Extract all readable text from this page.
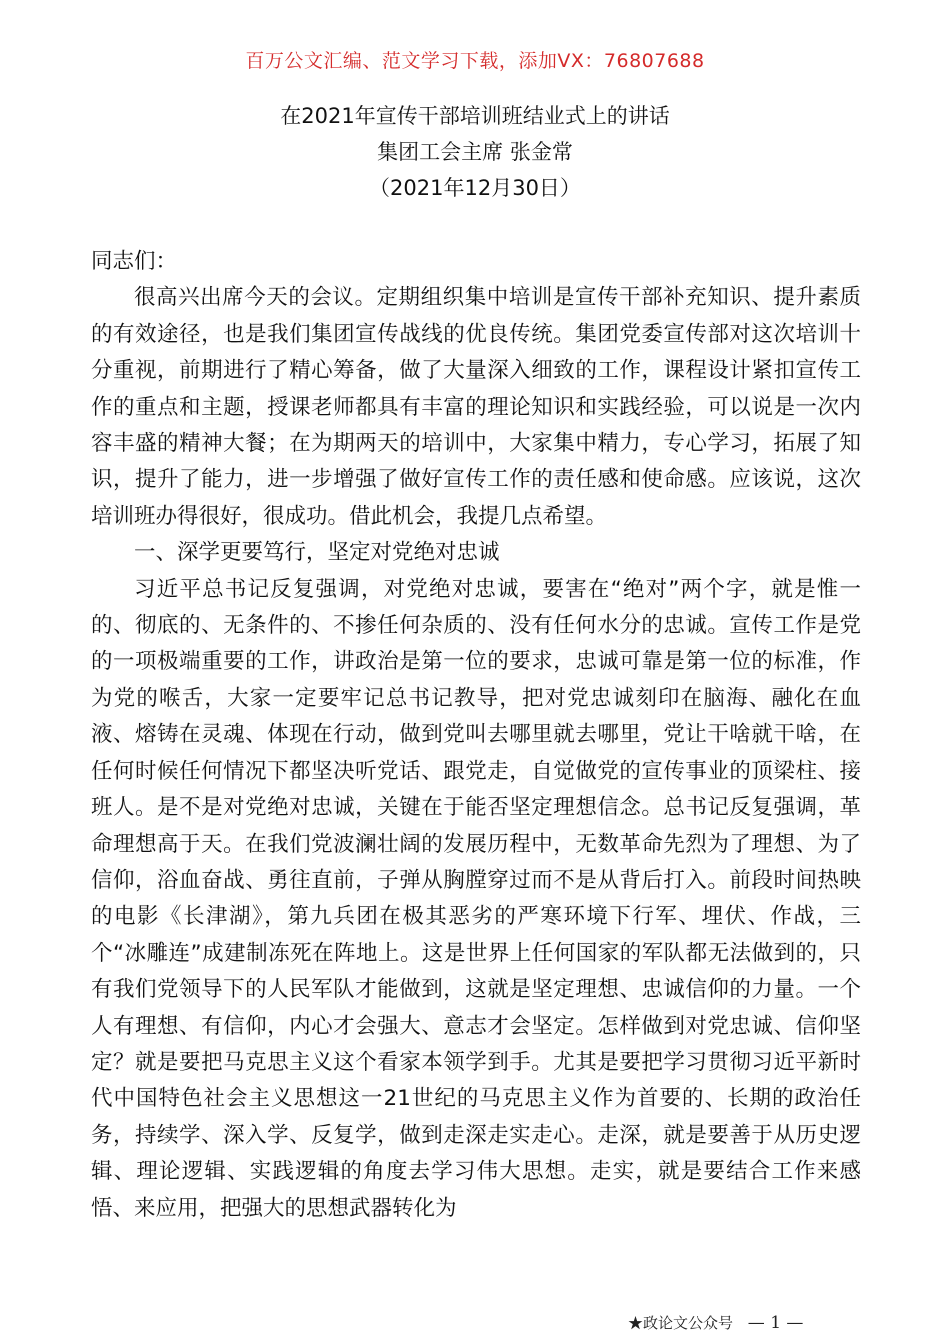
百万公文汇编、范文学习下载，添加VX：76807688
在2021年宣传干部培训班结业式上的讲话
集团工会主席 张金常
（2021年12月30日）

同志们：

很高兴出席今天的会议。定期组织集中培训是宣传干部补充知识、提升素质的有效途径，也是我们集团宣传战线的优良传统。集团党委宣传部对这次培训十分重视，前期进行了精心筹备，做了大量深入细致的工作，课程设计紧扣宣传工作的重点和主题，授课老师都具有丰富的理论知识和实践经验，可以说是一次内容丰盛的精神大餐；在为期两天的培训中，大家集中精力，专心学习，拓展了知识，提升了能力，进一步增强了做好宣传工作的责任感和使命感。应该说，这次培训班办得很好，很成功。借此机会，我提几点希望。

一、深学更要笃行，坚定对党绝对忠诚

习近平总书记反复强调，对党绝对忠诚，要害在“绝对”两个字，就是惟一的、彻底的、无条件的、不掺任何杂质的、没有任何水分的忠诚。宣传工作是党的一项极端重要的工作，讲政治是第一位的要求，忠诚可靠是第一位的标准，作为党的喉舌，大家一定要牢记总书记教导，把对党忠诚刻印在脑海、融化在血液、熔铸在灵魂、体现在行动，做到党叫去哪里就去哪里，党让干啥就干啥，在任何时候任何情况下都坚决听党话、跟党走，自觉做党的宣传事业的顶梁柱、接班人。是不是对党绝对忠诚，关键在于能否坚定理想信念。总书记反复强调，革命理想高于天。在我们党波澜壮阔的发展历程中，无数革命先烈为了理想、为了信仰，浴血奋战、勇往直前，子弹从胸膛穿过而不是从背后打入。前段时间热映的电影《长津湖》，第九兵团在极其恶劣的严寒环境下行军、埋伏、作战，三个“冰雕连”成建制冻死在阵地上。这是世界上任何国家的军队都无法做到的，只有我们党领导下的人民军队才能做到，这就是坚定理想、忠诚信仰的力量。一个人有理想、有信仰，内心才会强大、意志才会坚定。怎样做到对党忠诚、信仰坚定？就是要把马克思主义这个看家本领学到手。尤其是要把学习贯彻习近平新时代中国特色社会主义思想这一21世纪的马克思主义作为首要的、长期的政治任务，持续学、深入学、反复学，做到走深走实走心。走深，就是要善于从历史逻辑、理论逻辑、实践逻辑的角度去学习伟大思想。走实，就是要结合工作来感悟、来应用，把强大的思想武器转化为

★政论文公众号 — 1 —
